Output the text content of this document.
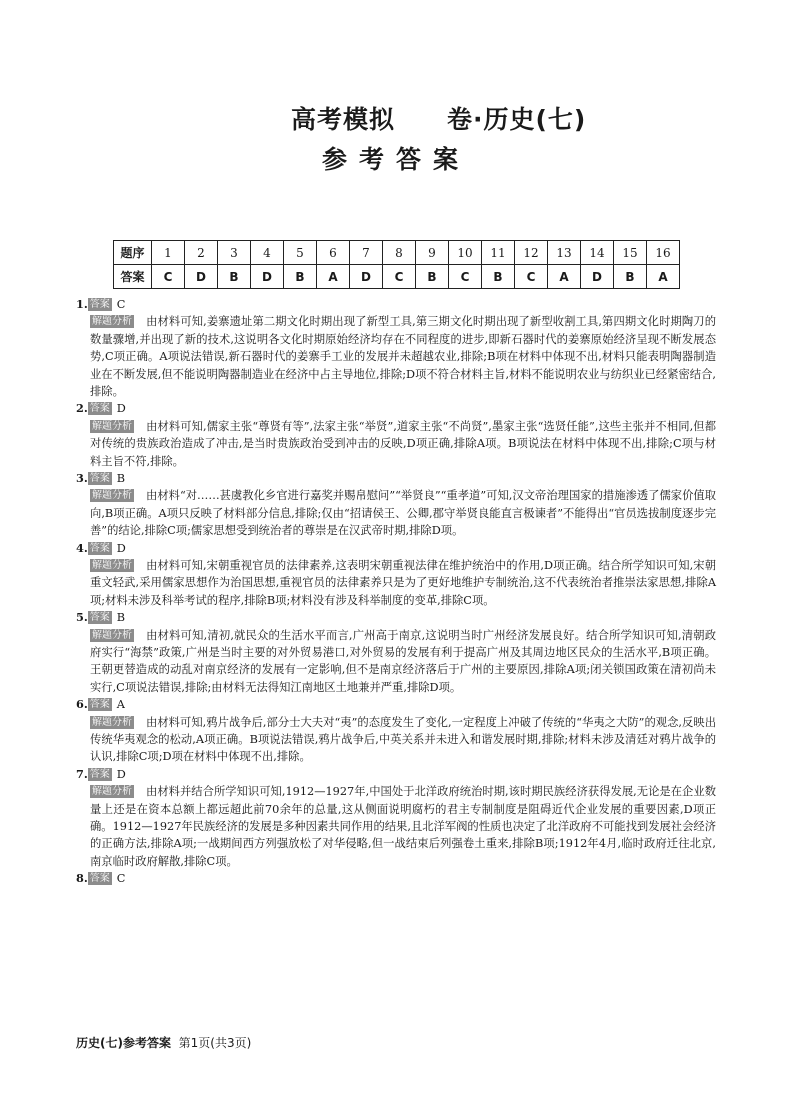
高考模拟　　卷·历史(七)
参考答案
题序	1	2	3	4	5	6	7	8	9	10	11	12	13	14	15	16
答案	C	D	B	D	B	A	D	C	B	C	B	C	A	D	B	A
1. 答案 C
解题分析 由材料可知,姜寨遗址第二期文化时期出现了新型工具,第三期文化时期出现了新型收割工具,第四期文化时期陶刀的数量骤增,并出现了新的技术,这说明各文化时期原始经济均存在不同程度的进步,即新石器时代的姜寨原始经济呈现不断发展态势,C项正确。A项说法错误,新石器时代的姜寨手工业的发展并未超越农业,排除;B项在材料中体现不出,材料只能表明陶器制造业在不断发展,但不能说明陶器制造业在经济中占主导地位,排除;D项不符合材料主旨,材料不能说明农业与纺织业已经紧密结合,排除。
2. 答案 D
解题分析 由材料可知,儒家主张“尊贤有等”,法家主张“举贤”,道家主张“不尚贤”,墨家主张“选贤任能”,这些主张并不相同,但都对传统的贵族政治造成了冲击,是当时贵族政治受到冲击的反映,D项正确,排除A项。B项说法在材料中体现不出,排除;C项与材料主旨不符,排除。
3. 答案 B
解题分析 由材料“对……甚虞教化乡官进行嘉奖并赐帛慰问”“举贤良”“重孝道”可知,汉文帝治理国家的措施渗透了儒家价值取向,B项正确。A项只反映了材料部分信息,排除;仅由“招请侯王、公卿,郡守举贤良能直言极谏者”不能得出“官员选拔制度逐步完善”的结论,排除C项;儒家思想受到统治者的尊崇是在汉武帝时期,排除D项。
4. 答案 D
解题分析 由材料可知,宋朝重视官员的法律素养,这表明宋朝重视法律在维护统治中的作用,D项正确。结合所学知识可知,宋朝重文轻武,采用儒家思想作为治国思想,重视官员的法律素养只是为了更好地维护专制统治,这不代表统治者推崇法家思想,排除A项;材料未涉及科举考试的程序,排除B项;材料没有涉及科举制度的变革,排除C项。
5. 答案 B
解题分析 由材料可知,清初,就民众的生活水平而言,广州高于南京,这说明当时广州经济发展良好。结合所学知识可知,清朝政府实行“海禁”政策,广州是当时主要的对外贸易港口,对外贸易的发展有利于提高广州及其周边地区民众的生活水平,B项正确。王朝更替造成的动乱对南京经济的发展有一定影响,但不是南京经济落后于广州的主要原因,排除A项;闭关锁国政策在清初尚未实行,C项说法错误,排除;由材料无法得知江南地区土地兼并严重,排除D项。
6. 答案 A
解题分析 由材料可知,鸦片战争后,部分士大夫对“夷”的态度发生了变化,一定程度上冲破了传统的“华夷之大防”的观念,反映出传统华夷观念的松动,A项正确。B项说法错误,鸦片战争后,中英关系并未进入和谐发展时期,排除;材料未涉及清廷对鸦片战争的认识,排除C项;D项在材料中体现不出,排除。
7. 答案 D
解题分析 由材料并结合所学知识可知,1912—1927年,中国处于北洋政府统治时期,该时期民族经济获得发展,无论是在企业数量上还是在资本总额上都远超此前70余年的总量,这从侧面说明腐朽的君主专制制度是阻碍近代企业发展的重要因素,D项正确。1912—1927年民族经济的发展是多种因素共同作用的结果,且北洋军阀的性质也决定了北洋政府不可能找到发展社会经济的正确方法,排除A项;一战期间西方列强放松了对华侵略,但一战结束后列强卷土重来,排除B项;1912年4月,临时政府迁往北京,南京临时政府解散,排除C项。
8. 答案 C
历史(七)参考答案 第1页(共3页)
